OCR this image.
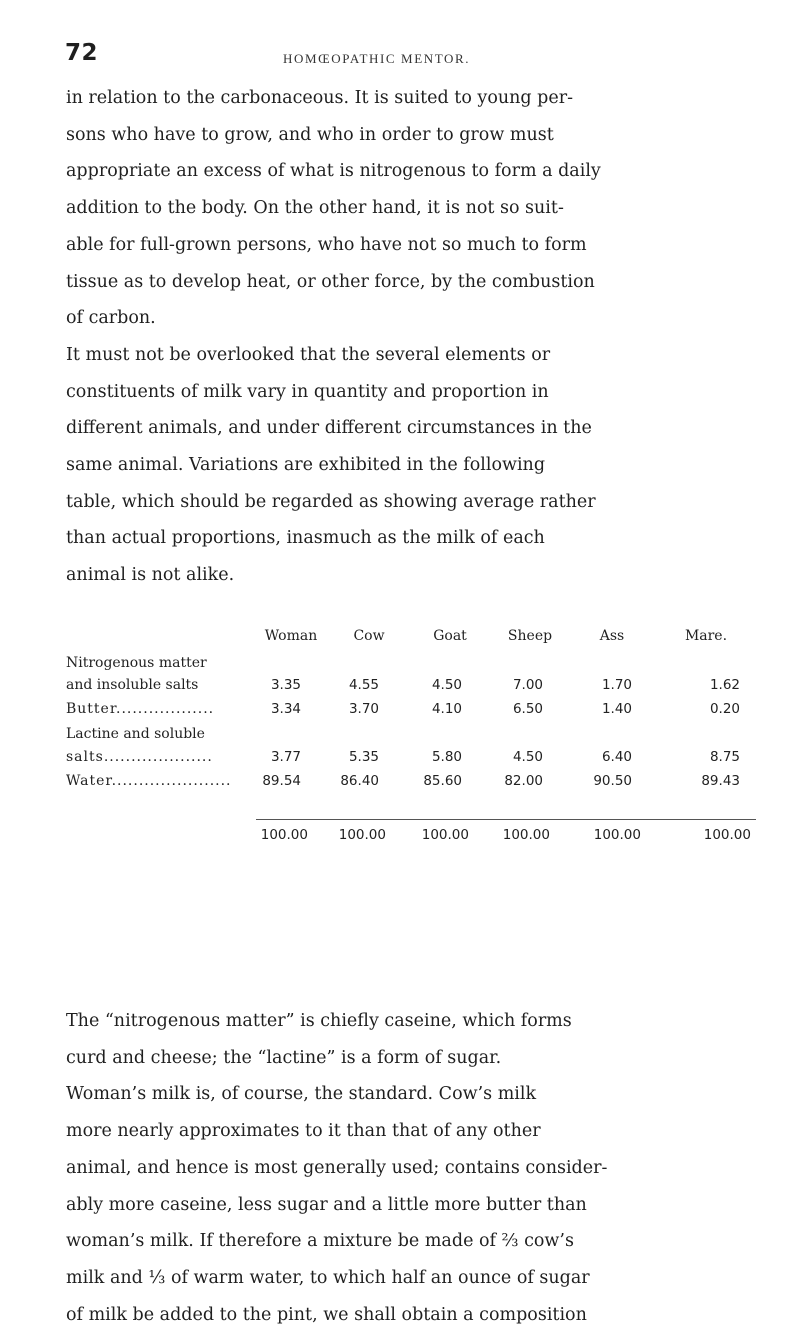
72	HOMŒOPATHIC MENTOR.

in relation to the carbonaceous. It is suited to young per-

sons who have to grow, and who in order to grow must

appropriate an excess of what is nitrogenous to form a daily

addition to the body. On the other hand, it is not so suit-

able for full-grown persons, who have not so much to form

tissue as to develop heat, or other force, by the combustion

of carbon.

It must not be overlooked that the several elements or

constituents of milk vary in quantity and proportion in

different animals, and under different circumstances in the

same animal. Variations are exhibited in the following

table, which should be regarded as showing average rather

than actual proportions, inasmuch as the milk of each

animal is not alike.

Woman	Cow	Goat	Sheep	Ass	Mare.
Nitrogenous matter
and insoluble salts	3.35	4.55	4.50	7.00	1.70	1.62
Butter..................	3.34	3.70	4.10	6.50	1.40	0.20
Lactine and soluble
salts....................	3.77	5.35	5.80	4.50	6.40	8.75
Water......................	89.54	86.40	85.60	82.00	90.50	89.43
100.00	100.00	100.00	100.00	100.00	100.00

The “nitrogenous matter” is chiefly caseine, which forms

curd and cheese; the “lactine” is a form of sugar.

Woman’s milk is, of course, the standard. Cow’s milk

more nearly approximates to it than that of any other

animal, and hence is most generally used; contains consider-

ably more caseine, less sugar and a little more butter than

woman’s milk. If therefore a mixture be made of ⅔ cow’s

milk and ⅓ of warm water, to which half an ounce of sugar

of milk be added to the pint, we shall obtain a composition
